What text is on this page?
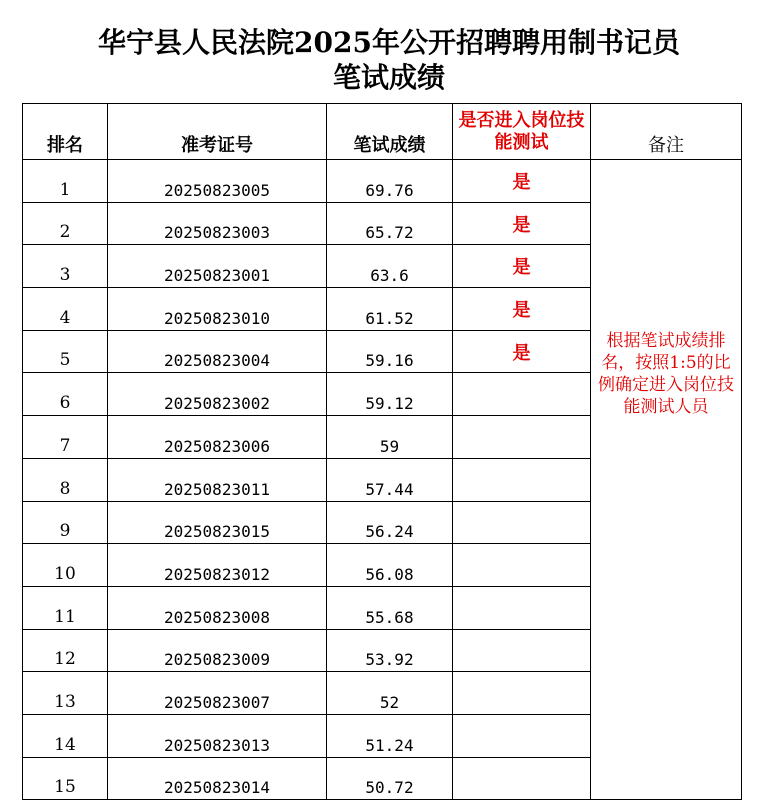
华宁县人民法院2025年公开招聘聘用制书记员
笔试成绩
排名	准考证号	笔试成绩	是否进入岗位技能测试	备注
1	20250823005	69.76	是	根据笔试成绩排名，按照1:5的比例确定进入岗位技能测试人员
2	20250823003	65.72	是	
3	20250823001	63.6	是	
4	20250823010	61.52	是	
5	20250823004	59.16	是	
6	20250823002	59.12		
7	20250823006	59		
8	20250823011	57.44		
9	20250823015	56.24		
10	20250823012	56.08		
11	20250823008	55.68		
12	20250823009	53.92		
13	20250823007	52		
14	20250823013	51.24		
15	20250823014	50.72		
